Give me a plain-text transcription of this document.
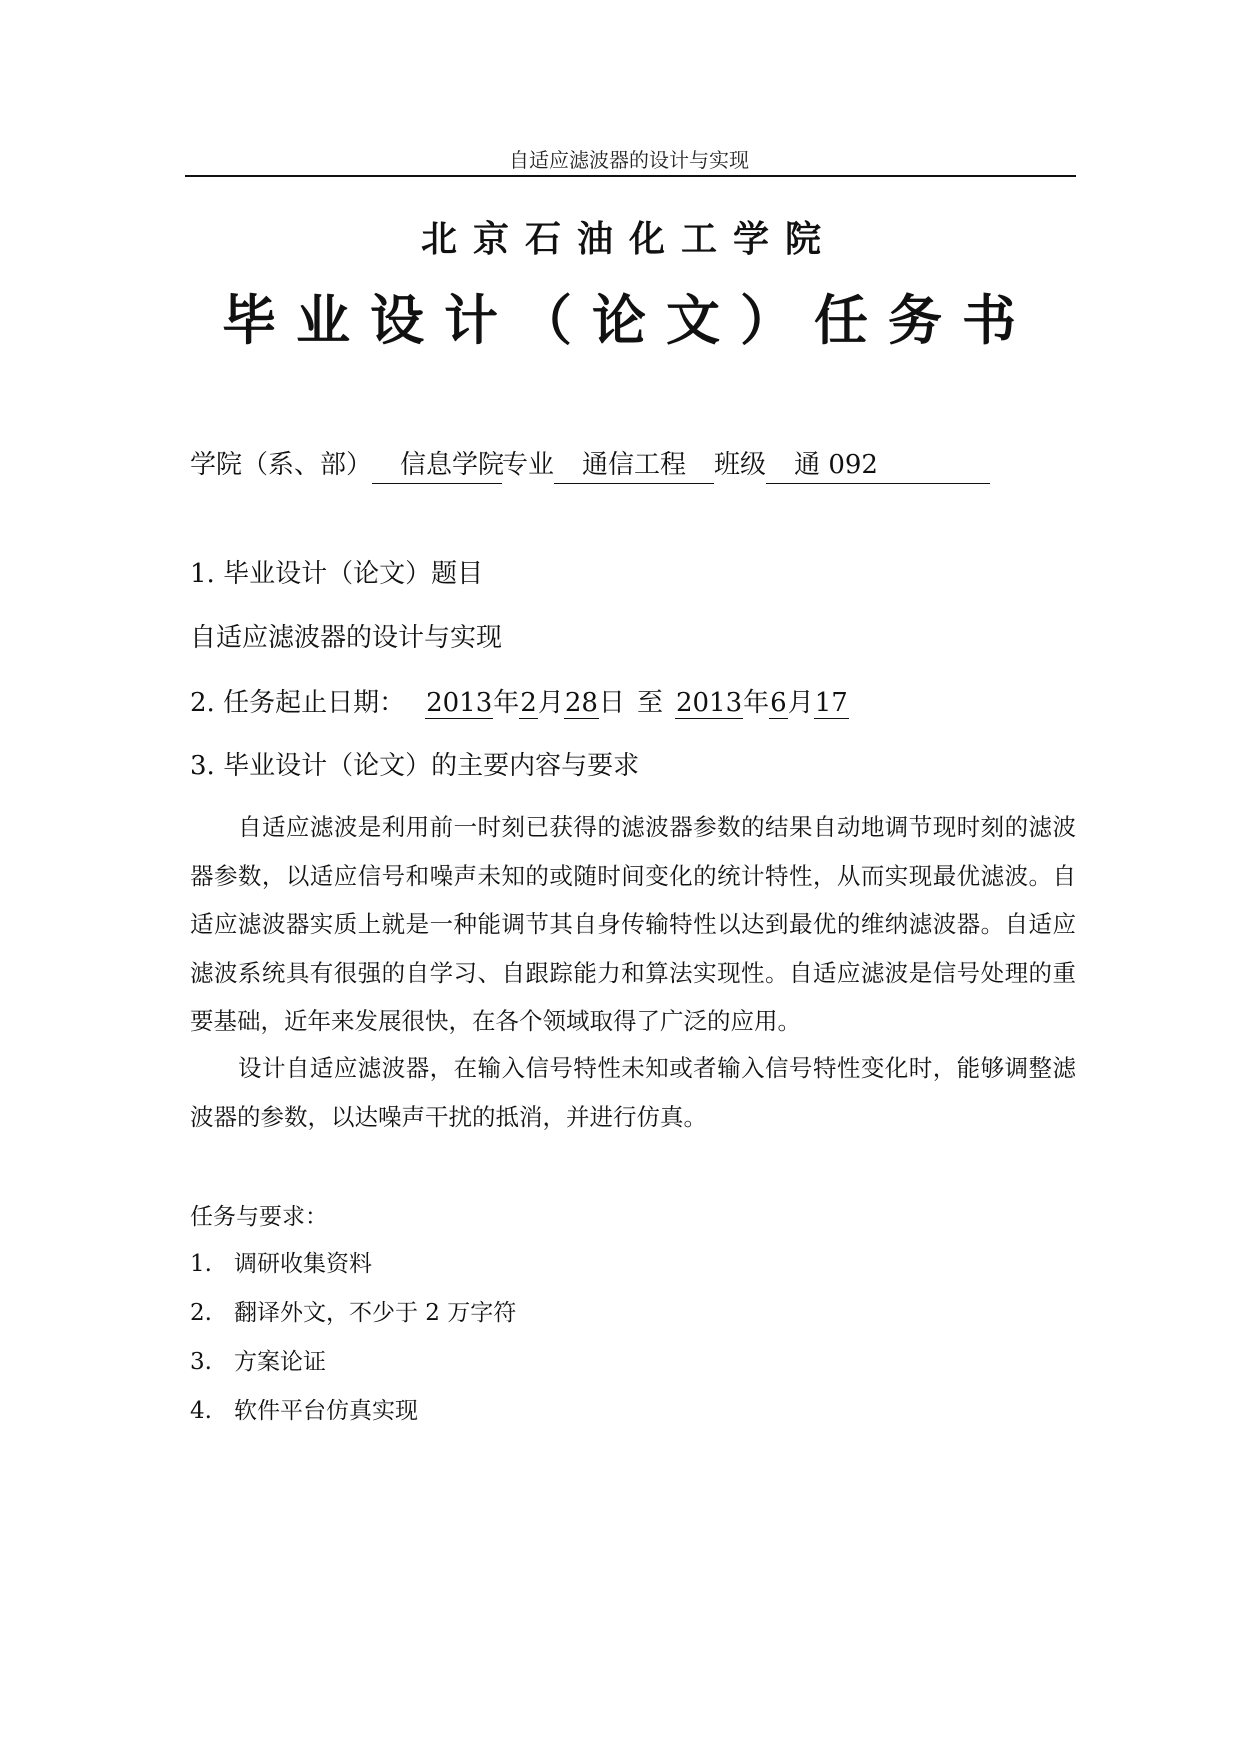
自适应滤波器的设计与实现
北京石油化工学院
毕业设计（论文）任务书
学院（系、部） 信息学院专业 通信工程 班级 通 092
1. 毕业设计（论文）题目
自适应滤波器的设计与实现
2. 任务起止日期： 2013年2月28日 至 2013年6月17
3. 毕业设计（论文）的主要内容与要求
自适应滤波是利用前一时刻已获得的滤波器参数的结果自动地调节现时刻的滤波器参数，以适应信号和噪声未知的或随时间变化的统计特性，从而实现最优滤波。自适应滤波器实质上就是一种能调节其自身传输特性以达到最优的维纳滤波器。自适应滤波系统具有很强的自学习、自跟踪能力和算法实现性。自适应滤波是信号处理的重要基础，近年来发展很快，在各个领域取得了广泛的应用。
设计自适应滤波器，在输入信号特性未知或者输入信号特性变化时，能够调整滤波器的参数，以达噪声干扰的抵消，并进行仿真。
任务与要求：
1. 调研收集资料
2. 翻译外文，不少于 2 万字符
3. 方案论证
4. 软件平台仿真实现
